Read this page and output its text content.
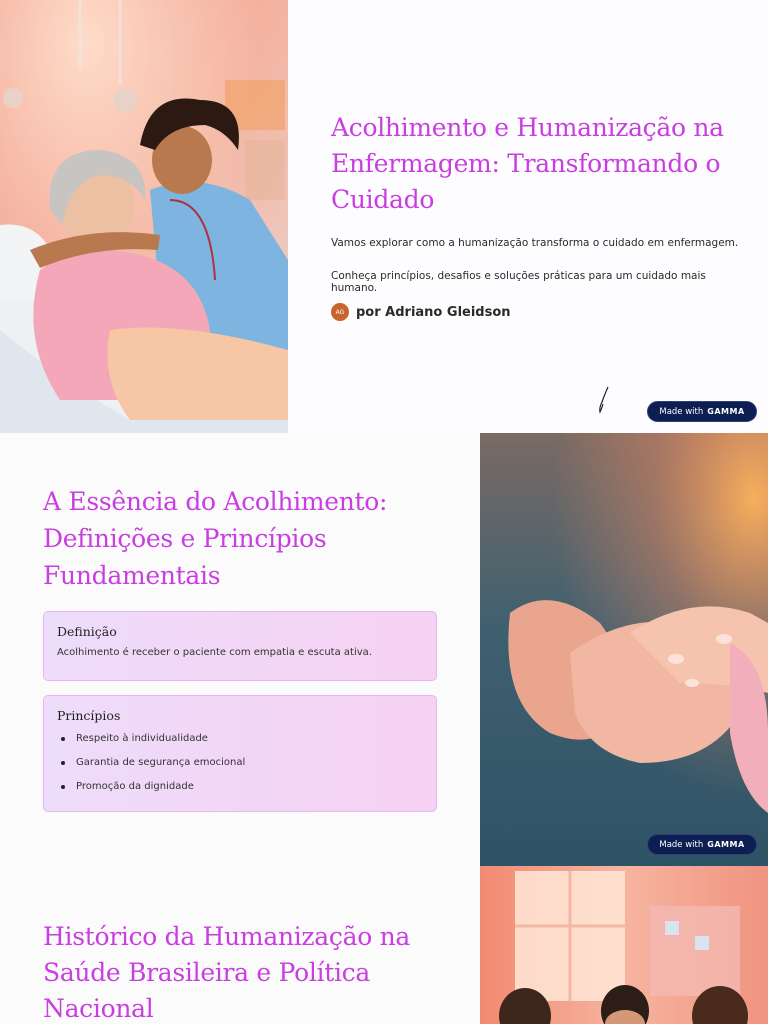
Acolhimento e Humanização na Enfermagem: Transformando o Cuidado

Vamos explorar como a humanização transforma o cuidado em enfermagem.

Conheça princípios, desafios e soluções práticas para um cuidado mais humano.

AG por Adriano Gleidson
Made with GAMMA
A Essência do Acolhimento: Definições e Princípios Fundamentais
Definição
Acolhimento é receber o paciente com empatia e escuta ativa.
Princípios
Respeito à individualidade
Garantia de segurança emocional
Promoção da dignidade
Made with GAMMA
Histórico da Humanização na Saúde Brasileira e Política Nacional
